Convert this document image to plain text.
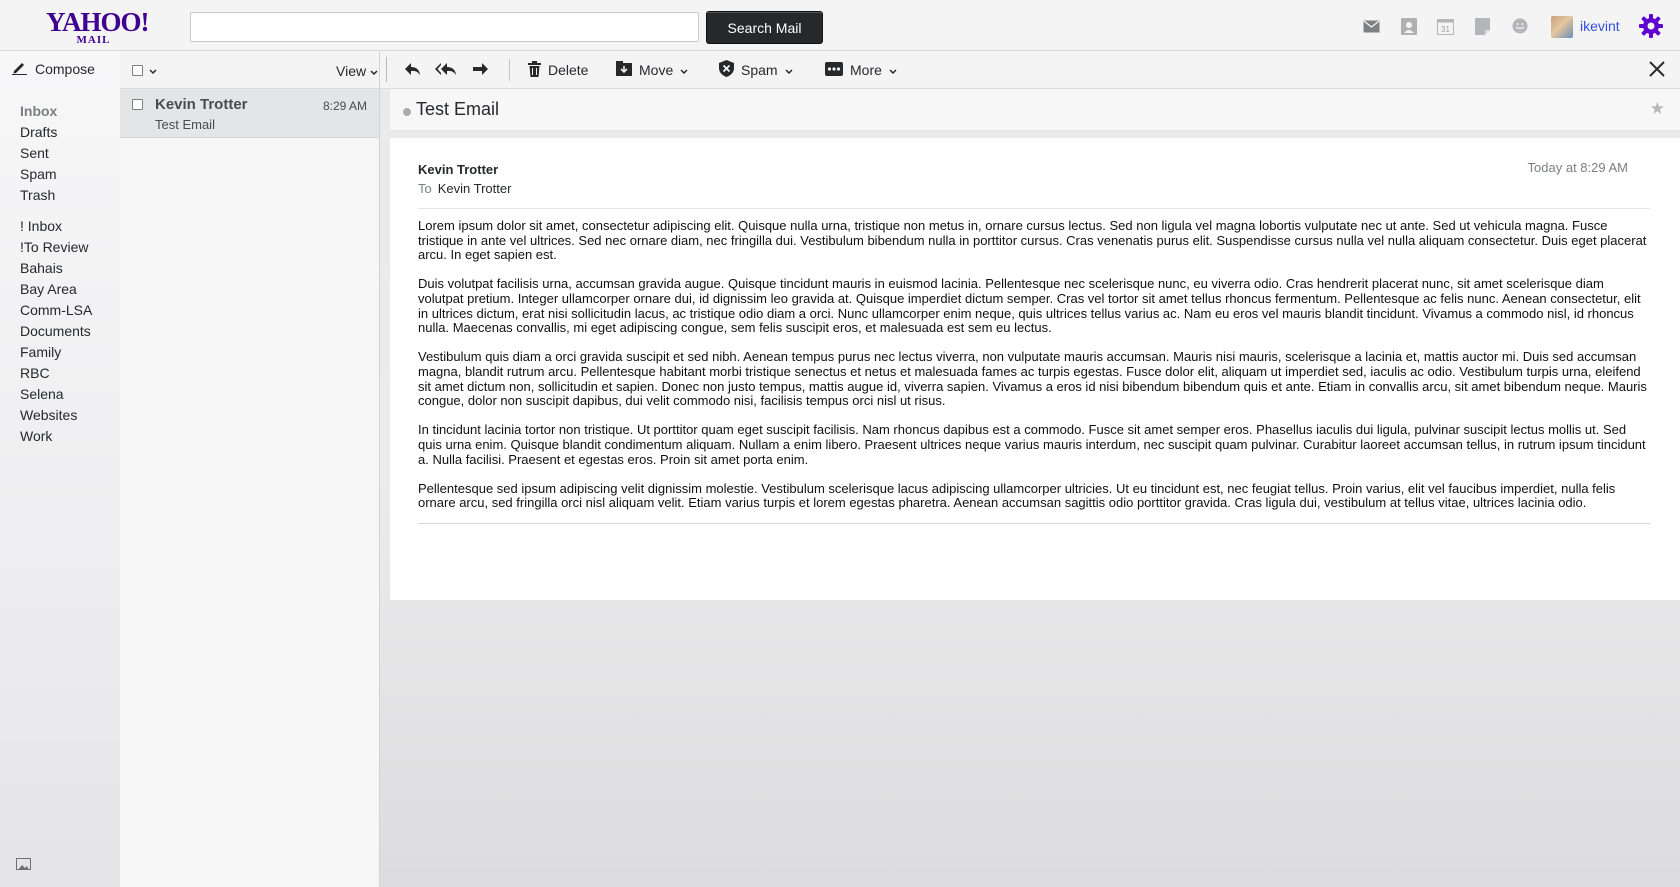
YAHOO!
MAIL
Search Mail	31	ikevint
Compose
Inbox
Drafts
Sent
Spam
Trash
! Inbox
!To Review
Bahais
Bay Area
Comm-LSA
Documents
Family
RBC
Selena
Websites
Work
View
Kevin Trotter	8:29 AM
Test Email
Delete	Move	Spam	More
Test Email	★
Kevin Trotter	Today at 8:29 AM
To Kevin Trotter

Lorem ipsum dolor sit amet, consectetur adipiscing elit. Quisque nulla urna, tristique non metus in, ornare cursus lectus. Sed non ligula vel magna lobortis vulputate nec ut ante. Sed ut vehicula magna. Fusce tristique in ante vel ultrices. Sed nec ornare diam, nec fringilla dui. Vestibulum bibendum nulla in porttitor cursus. Cras venenatis purus elit. Suspendisse cursus nulla vel nulla aliquam consectetur. Duis eget placerat arcu. In eget sapien est.

Duis volutpat facilisis urna, accumsan gravida augue. Quisque tincidunt mauris in euismod lacinia. Pellentesque nec scelerisque nunc, eu viverra odio. Cras hendrerit placerat nunc, sit amet scelerisque diam volutpat pretium. Integer ullamcorper ornare dui, id dignissim leo gravida at. Quisque imperdiet dictum semper. Cras vel tortor sit amet tellus rhoncus fermentum. Pellentesque ac felis nunc. Aenean consectetur, elit in ultrices dictum, erat nisi sollicitudin lacus, ac tristique odio diam a orci. Nunc ullamcorper enim neque, quis ultrices tellus varius ac. Nam eu eros vel mauris blandit tincidunt. Vivamus a commodo nisl, id rhoncus nulla. Maecenas convallis, mi eget adipiscing congue, sem felis suscipit eros, et malesuada est sem eu lectus.

Vestibulum quis diam a orci gravida suscipit et sed nibh. Aenean tempus purus nec lectus viverra, non vulputate mauris accumsan. Mauris nisi mauris, scelerisque a lacinia et, mattis auctor mi. Duis sed accumsan magna, blandit rutrum arcu. Pellentesque habitant morbi tristique senectus et netus et malesuada fames ac turpis egestas. Fusce dolor elit, aliquam ut imperdiet sed, iaculis ac odio. Vestibulum turpis urna, eleifend sit amet dictum non, sollicitudin et sapien. Donec non justo tempus, mattis augue id, viverra sapien. Vivamus a eros id nisi bibendum bibendum quis et ante. Etiam in convallis arcu, sit amet bibendum neque. Mauris congue, dolor non suscipit dapibus, dui velit commodo nisi, facilisis tempus orci nisl ut risus.

In tincidunt lacinia tortor non tristique. Ut porttitor quam eget suscipit facilisis. Nam rhoncus dapibus est a commodo. Fusce sit amet semper eros. Phasellus iaculis dui ligula, pulvinar suscipit lectus mollis ut. Sed quis urna enim. Quisque blandit condimentum aliquam. Nullam a enim libero. Praesent ultrices neque varius mauris interdum, nec suscipit quam pulvinar. Curabitur laoreet accumsan tellus, in rutrum ipsum tincidunt a. Nulla facilisi. Praesent et egestas eros. Proin sit amet porta enim.

Pellentesque sed ipsum adipiscing velit dignissim molestie. Vestibulum scelerisque lacus adipiscing ullamcorper ultricies. Ut eu tincidunt est, nec feugiat tellus. Proin varius, elit vel faucibus imperdiet, nulla felis ornare arcu, sed fringilla orci nisl aliquam velit. Etiam varius turpis et lorem egestas pharetra. Aenean accumsan sagittis odio porttitor gravida. Cras ligula dui, vestibulum at tellus vitae, ultrices lacinia odio.
